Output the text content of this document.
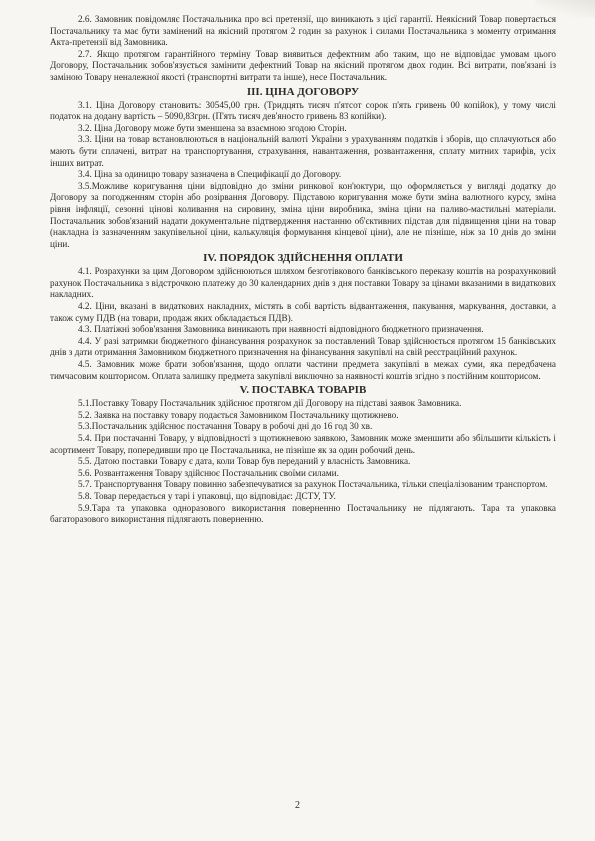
2.6. Замовник повідомляє Постачальника про всі претензії, що виникають з цієї гарантії. Неякісний Товар повертається Постачальнику та має бути замінений на якісний протягом 2 годин за рахунок і силами Постачальника з моменту отримання Акта-претензії від Замовника.

2.7. Якщо протягом гарантійного терміну Товар виявиться дефектним або таким, що не відповідає умовам цього Договору, Постачальник зобов'язується замінити дефектний Товар на якісний протягом двох годин. Всі витрати, пов'язані із заміною Товару неналежної якості (транспортні витрати та інше), несе Постачальник.

ІІІ. ЦІНА ДОГОВОРУ

3.1. Ціна Договору становить: 30545,00 грн. (Тридцять тисяч п'ятсот сорок п'ять гривень 00 копійок), у тому числі податок на додану вартість – 5090,83грн. (П'ять тисяч дев'яносто гривень 83 копійки).

3.2. Ціна Договору може бути зменшена за взаємною згодою Сторін.

3.3. Ціни на товар встановлюються в національній валюті України з урахуванням податків і зборів, що сплачуються або мають бути сплачені, витрат на транспортування, страхування, навантаження, розвантаження, сплату митних тарифів, усіх інших витрат.

3.4. Ціна за одиницю товару зазначена в Специфікації до Договору.

3.5.Можливе коригування ціни відповідно до зміни ринкової кон'юктури, що оформляється у вигляді додатку до Договору за погодженням сторін або розірвання Договору. Підставою коригування може бути зміна валютного курсу, зміна рівня інфляції, сезонні цінові коливання на сировину, зміна ціни виробника, зміна ціни на паливо-мастильні матеріали. Постачальник зобов'язаний надати документальне підтвердження настанню об'єктивних підстав для підвищення ціни на товар (накладна із зазначенням закупівельної ціни, калькуляція формування кінцевої ціни), але не пізніше, ніж за 10 днів до зміни ціни.

IV. ПОРЯДОК ЗДІЙСНЕННЯ ОПЛАТИ

4.1. Розрахунки за цим Договором здійснюються шляхом безготівкового банківського переказу коштів на розрахунковий рахунок Постачальника з відстрочкою платежу до 30 календарних днів з дня поставки Товару за цінами вказаними в видаткових накладних.

4.2. Ціни, вказані в видаткових накладних, містять в собі вартість відвантаження, пакування, маркування, доставки, а також суму ПДВ (на товари, продаж яких обкладається ПДВ).

4.3. Платіжні зобов'язання Замовника виникають при наявності відповідного бюджетного призначення.

4.4. У разі затримки бюджетного фінансування розрахунок за поставлений Товар здійснюється протягом 15 банківських днів з дати отримання Замовником бюджетного призначення на фінансування закупівлі на свій реєстраційний рахунок.

4.5. Замовник може брати зобов'язання, щодо оплати частини предмета закупівлі в межах суми, яка передбачена тимчасовим кошторисом. Оплата залишку предмета закупівлі виключно за наявності коштів згідно з постійним кошторисом.

V. ПОСТАВКА ТОВАРІВ

5.1.Поставку Товару Постачальник здійснює протягом дії Договору на підставі заявок Замовника.

5.2. Заявка на поставку товару подається Замовником Постачальнику щотижнево.

5.3.Постачальник здійснює постачання Товару в робочі дні до 16 год 30 хв.

5.4. При постачанні Товару, у відповідності з щотижневою заявкою, Замовник може зменшити або збільшити кількість і асортимент Товару, попередивши про це Постачальника, не пізніше як за один робочий день.

5.5. Датою поставки Товару є дата, коли Товар був переданий у власність Замовника.

5.6. Розвантаження Товару здійснює Постачальник своїми силами.

5.7. Транспортування Товару повинно забезпечуватися за рахунок Постачальника, тільки спеціалізованим транспортом.

5.8. Товар передається у тарі і упаковці, що відповідає: ДСТУ, ТУ.

5.9.Тара та упаковка одноразового використання поверненню Постачальнику не підлягають. Тара та упаковка багаторазового використання підлягають поверненню.

2
